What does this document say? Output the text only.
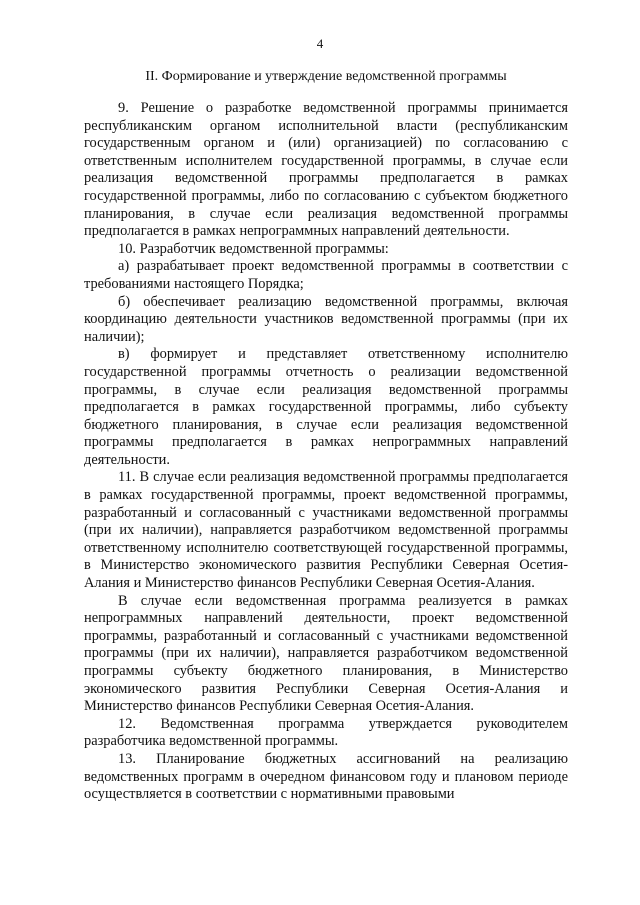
4
II. Формирование и утверждение ведомственной программы

9. Решение о разработке ведомственной программы принимается республиканским органом исполнительной власти (республиканским государственным органом и (или) организацией) по согласованию с ответственным исполнителем государственной программы, в случае если реализация ведомственной программы предполагается в рамках государственной программы, либо по согласованию с субъектом бюджетного планирования, в случае если реализация ведомственной программы предполагается в рамках непрограммных направлений деятельности.

10. Разработчик ведомственной программы:

а) разрабатывает проект ведомственной программы в соответствии с требованиями настоящего Порядка;

б) обеспечивает реализацию ведомственной программы, включая координацию деятельности участников ведомственной программы (при их наличии);

в) формирует и представляет ответственному исполнителю государственной программы отчетность о реализации ведомственной программы, в случае если реализация ведомственной программы предполагается в рамках государственной программы, либо субъекту бюджетного планирования, в случае если реализация ведомственной программы предполагается в рамках непрограммных направлений деятельности.

11. В случае если реализация ведомственной программы предполагается в рамках государственной программы, проект ведомственной программы, разработанный и согласованный с участниками ведомственной программы (при их наличии), направляется разработчиком ведомственной программы ответственному исполнителю соответствующей государственной программы, в Министерство экономического развития Республики Северная Осетия-Алания и Министерство финансов Республики Северная Осетия-Алания.

В случае если ведомственная программа реализуется в рамках непрограммных направлений деятельности, проект ведомственной программы, разработанный и согласованный с участниками ведомственной программы (при их наличии), направляется разработчиком ведомственной программы субъекту бюджетного планирования, в Министерство экономического развития Республики Северная Осетия-Алания и Министерство финансов Республики Северная Осетия-Алания.

12. Ведомственная программа утверждается руководителем разработчика ведомственной программы.

13. Планирование бюджетных ассигнований на реализацию ведомственных программ в очередном финансовом году и плановом периоде осуществляется в соответствии с нормативными правовыми
